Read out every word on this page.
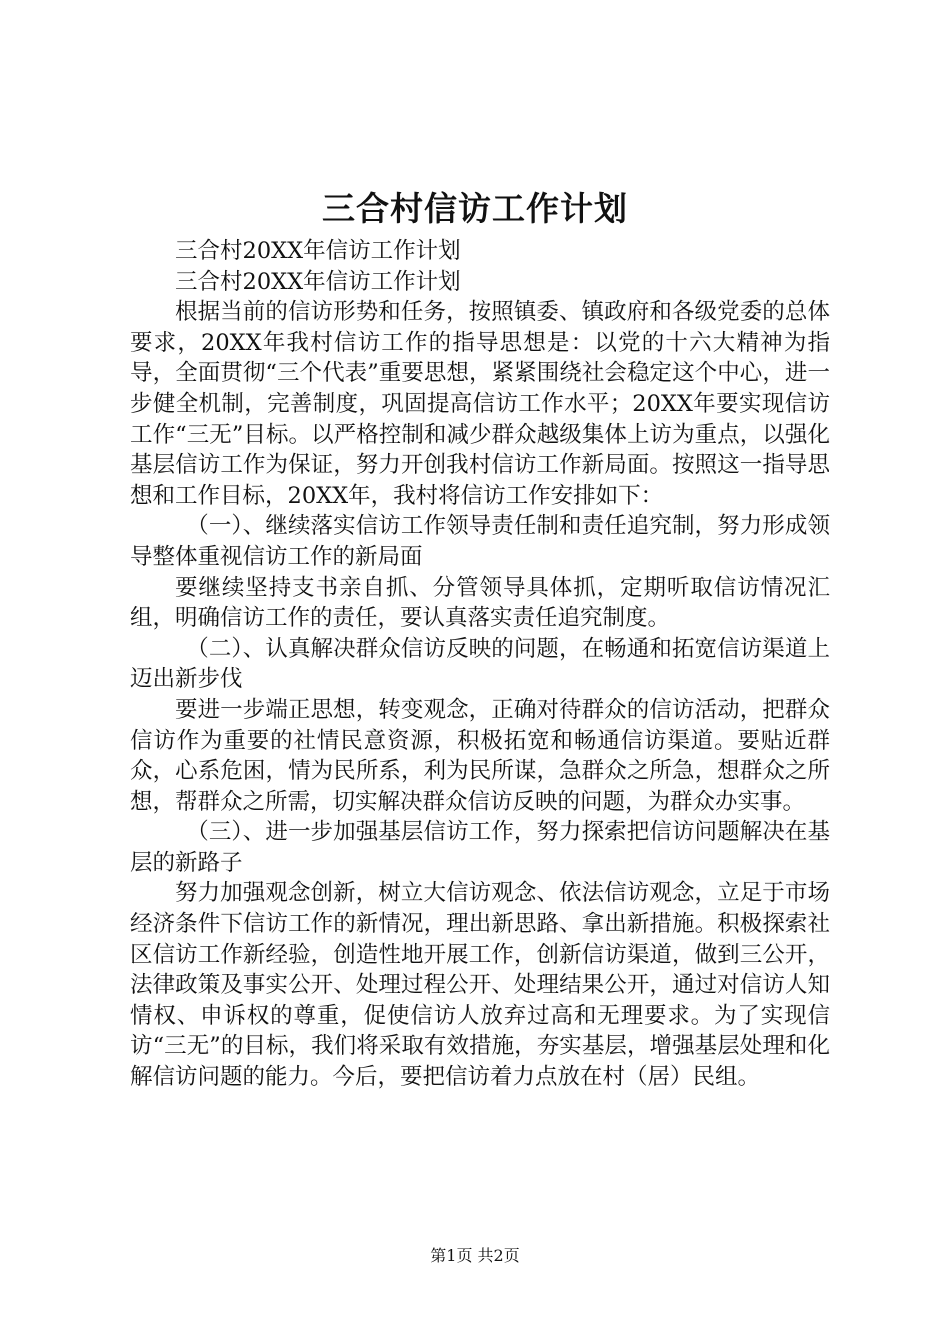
三合村信访工作计划

三合村20XX年信访工作计划

三合村20XX年信访工作计划

根据当前的信访形势和任务，按照镇委、镇政府和各级党委的总体要求，20XX年我村信访工作的指导思想是：以党的十六大精神为指导，全面贯彻“三个代表”重要思想，紧紧围绕社会稳定这个中心，进一步健全机制，完善制度，巩固提高信访工作水平；20XX年要实现信访工作“三无”目标。以严格控制和减少群众越级集体上访为重点，以强化基层信访工作为保证，努力开创我村信访工作新局面。按照这一指导思想和工作目标，20XX年，我村将信访工作安排如下：

（一）、继续落实信访工作领导责任制和责任追究制，努力形成领导整体重视信访工作的新局面

要继续坚持支书亲自抓、分管领导具体抓，定期听取信访情况汇组，明确信访工作的责任，要认真落实责任追究制度。

（二）、认真解决群众信访反映的问题，在畅通和拓宽信访渠道上迈出新步伐

要进一步端正思想，转变观念，正确对待群众的信访活动，把群众信访作为重要的社情民意资源，积极拓宽和畅通信访渠道。要贴近群众，心系危困，情为民所系，利为民所谋，急群众之所急，想群众之所想，帮群众之所需，切实解决群众信访反映的问题，为群众办实事。

（三）、进一步加强基层信访工作，努力探索把信访问题解决在基层的新路子

努力加强观念创新，树立大信访观念、依法信访观念，立足于市场经济条件下信访工作的新情况，理出新思路、拿出新措施。积极探索社区信访工作新经验，创造性地开展工作，创新信访渠道，做到三公开，法律政策及事实公开、处理过程公开、处理结果公开，通过对信访人知情权、申诉权的尊重，促使信访人放弃过高和无理要求。为了实现信访“三无”的目标，我们将采取有效措施，夯实基层，增强基层处理和化解信访问题的能力。今后，要把信访着力点放在村（居）民组。

第1页 共2页
